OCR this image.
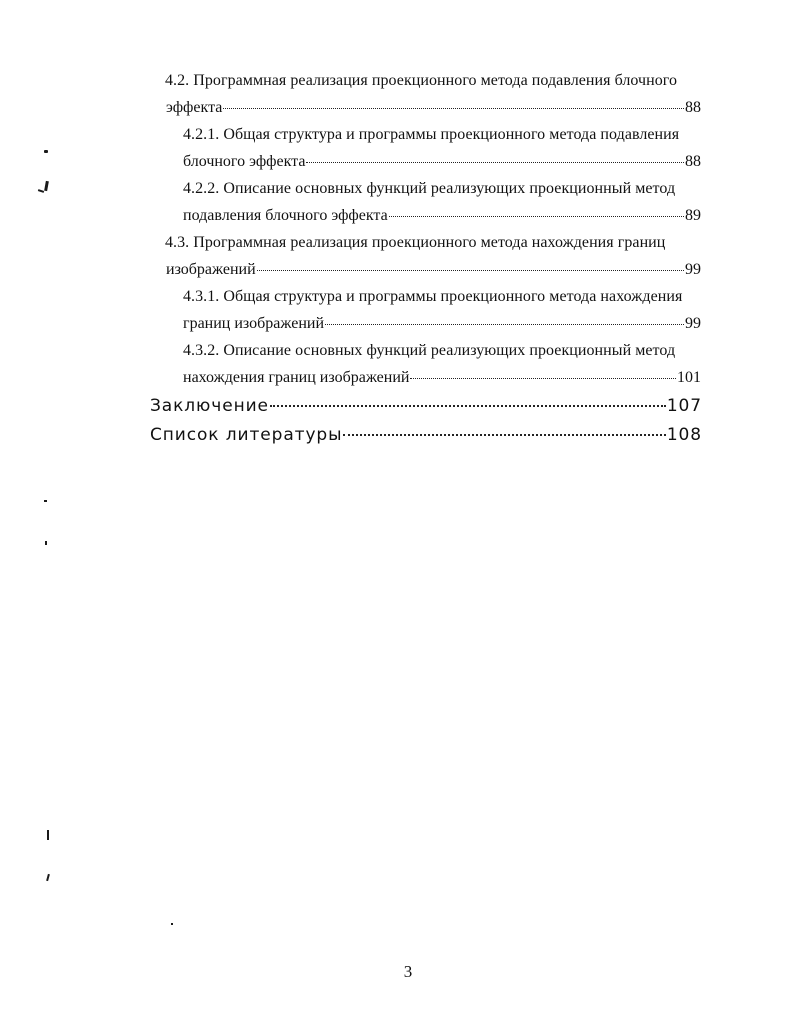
4.2. Программная реализация проекционного метода подавления блочного
эффекта	88
4.2.1. Общая структура и программы проекционного метода подавления
блочного эффекта	88
4.2.2. Описание основных функций реализующих проекционный метод
подавления блочного эффекта	89
4.3. Программная реализация проекционного метода нахождения границ
изображений	99
4.3.1. Общая структура и программы проекционного метода нахождения
границ изображений	99
4.3.2. Описание основных функций реализующих проекционный метод
нахождения границ изображений	101
Заключение	107
Список литературы	108
3
